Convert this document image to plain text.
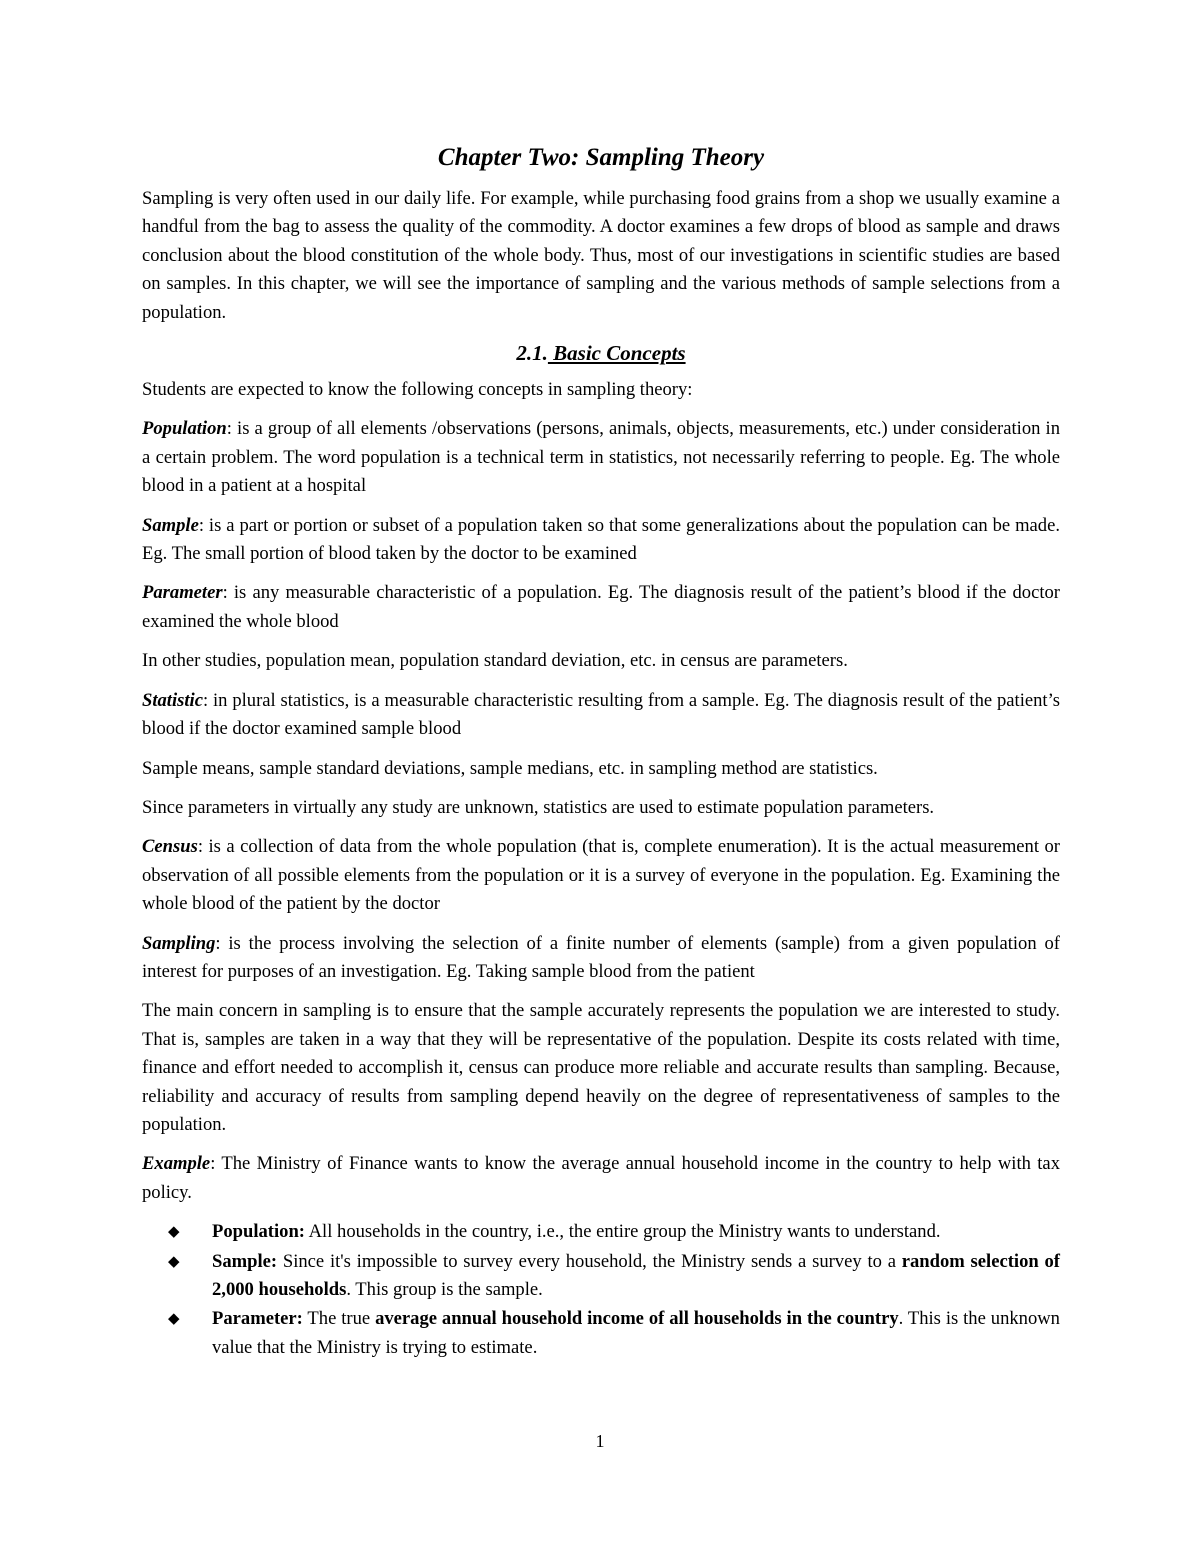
Chapter Two: Sampling Theory

Sampling is very often used in our daily life. For example, while purchasing food grains from a shop we usually examine a handful from the bag to assess the quality of the commodity. A doctor examines a few drops of blood as sample and draws conclusion about the blood constitution of the whole body. Thus, most of our investigations in scientific studies are based on samples. In this chapter, we will see the importance of sampling and the various methods of sample selections from a population.

2.1. Basic Concepts

Students are expected to know the following concepts in sampling theory:

Population: is a group of all elements /observations (persons, animals, objects, measurements, etc.) under consideration in a certain problem. The word population is a technical term in statistics, not necessarily referring to people. Eg. The whole blood in a patient at a hospital

Sample: is a part or portion or subset of a population taken so that some generalizations about the population can be made. Eg. The small portion of blood taken by the doctor to be examined

Parameter: is any measurable characteristic of a population. Eg. The diagnosis result of the patient’s blood if the doctor examined the whole blood

In other studies, population mean, population standard deviation, etc. in census are parameters.

Statistic: in plural statistics, is a measurable characteristic resulting from a sample. Eg. The diagnosis result of the patient’s blood if the doctor examined sample blood

Sample means, sample standard deviations, sample medians, etc. in sampling method are statistics.

Since parameters in virtually any study are unknown, statistics are used to estimate population parameters.

Census: is a collection of data from the whole population (that is, complete enumeration). It is the actual measurement or observation of all possible elements from the population or it is a survey of everyone in the population. Eg. Examining the whole blood of the patient by the doctor

Sampling: is the process involving the selection of a finite number of elements (sample) from a given population of interest for purposes of an investigation. Eg. Taking sample blood from the patient

The main concern in sampling is to ensure that the sample accurately represents the population we are interested to study. That is, samples are taken in a way that they will be representative of the population. Despite its costs related with time, finance and effort needed to accomplish it, census can produce more reliable and accurate results than sampling. Because, reliability and accuracy of results from sampling depend heavily on the degree of representativeness of samples to the population.

Example: The Ministry of Finance wants to know the average annual household income in the country to help with tax policy.

◆ Population: All households in the country, i.e., the entire group the Ministry wants to understand.
◆ Sample: Since it's impossible to survey every household, the Ministry sends a survey to a random selection of 2,000 households. This group is the sample.
◆ Parameter: The true average annual household income of all households in the country. This is the unknown value that the Ministry is trying to estimate.
1
